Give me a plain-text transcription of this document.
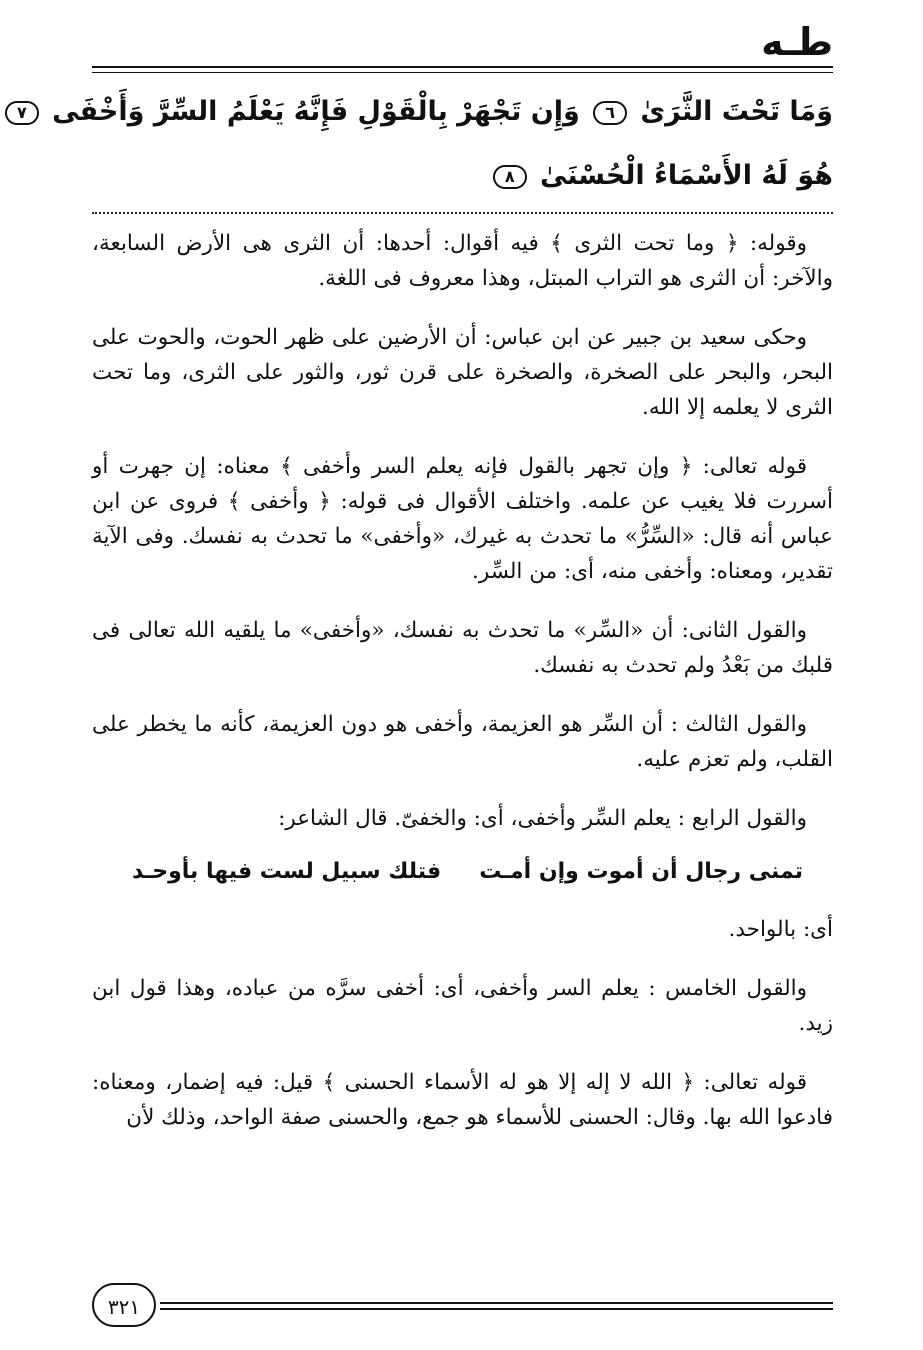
طـه
وَمَا تَحْتَ الثَّرَىٰ ٦ وَإِن تَجْهَرْ بِالْقَوْلِ فَإِنَّهُ يَعْلَمُ السِّرَّ وَأَخْفَى ٧
هُوَ لَهُ الأَسْمَاءُ الْحُسْنَىٰ ٨

وقوله: ﴿ وما تحت الثرى ﴾ فيه أقوال: أحدها: أن الثرى هى الأرض السابعة، والآخر: أن الثرى هو التراب المبتل، وهذا معروف فى اللغة.

وحكى سعيد بن جبير عن ابن عباس: أن الأرضين على ظهر الحوت، والحوت على البحر، والبحر على الصخرة، والصخرة على قرن ثور، والثور على الثرى، وما تحت الثرى لا يعلمه إلا الله.

قوله تعالى: ﴿ وإن تجهر بالقول فإنه يعلم السر وأخفى ﴾ معناه: إن جهرت أو أسررت فلا يغيب عن علمه. واختلف الأقوال فى قوله: ﴿ وأخفى ﴾ فروى عن ابن عباس أنه قال: «السِّرُّ» ما تحدث به غيرك، «وأخفى» ما تحدث به نفسك. وفى الآية تقدير، ومعناه: وأخفى منه، أى: من السِّر.

والقول الثانى: أن «السِّر» ما تحدث به نفسك، «وأخفى» ما يلقيه الله تعالى فى قلبك من بَعْدُ ولم تحدث به نفسك.

والقول الثالث : أن السِّر هو العزيمة، وأخفى هو دون العزيمة، كأنه ما يخطر على القلب، ولم تعزم عليه.

والقول الرابع : يعلم السِّر وأخفى، أى: والخفىّ. قال الشاعر:

تمنى رجال أن أموت وإن أمـت
فتلك سبيل لست فيها بأوحـد

أى: بالواحد.

والقول الخامس : يعلم السر وأخفى، أى: أخفى سرَّه من عباده، وهذا قول ابن زيد.

قوله تعالى: ﴿ الله لا إله إلا هو له الأسماء الحسنى ﴾ قيل: فيه إضمار، ومعناه: فادعوا الله بها. وقال: الحسنى للأسماء هو جمع، والحسنى صفة الواحد، وذلك لأن

٣٢١
